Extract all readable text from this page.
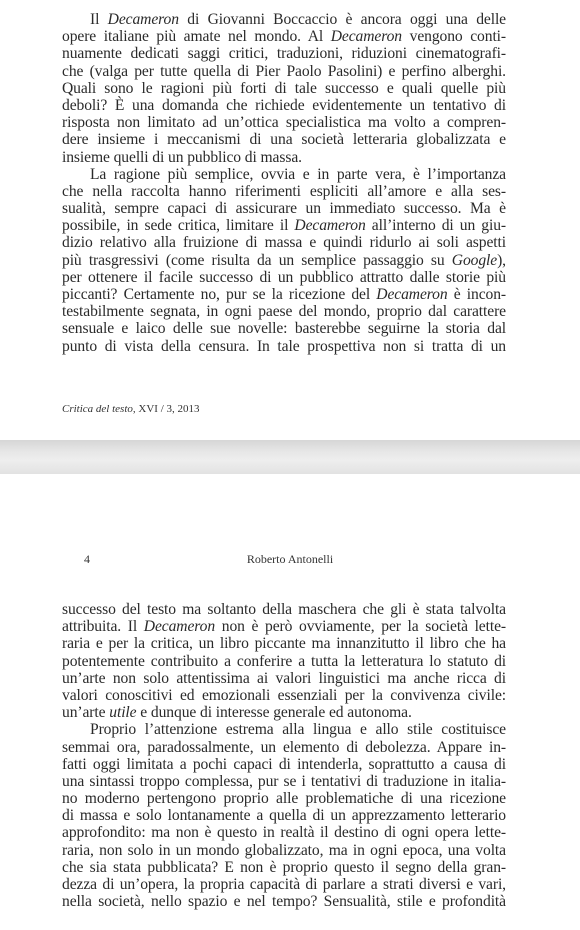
Il Decameron di Giovanni Boccaccio è ancora oggi una delle
opere italiane più amate nel mondo. Al Decameron vengono conti-
nuamente dedicati saggi critici, traduzioni, riduzioni cinematografi-
che (valga per tutte quella di Pier Paolo Pasolini) e perfino alberghi.
Quali sono le ragioni più forti di tale successo e quali quelle più
deboli? È una domanda che richiede evidentemente un tentativo di
risposta non limitato ad un’ottica specialistica ma volto a compren-
dere insieme i meccanismi di una società letteraria globalizzata e
insieme quelli di un pubblico di massa.
La ragione più semplice, ovvia e in parte vera, è l’importanza
che nella raccolta hanno riferimenti espliciti all’amore e alla ses-
sualità, sempre capaci di assicurare un immediato successo. Ma è
possibile, in sede critica, limitare il Decameron all’interno di un giu-
dizio relativo alla fruizione di massa e quindi ridurlo ai soli aspetti
più trasgressivi (come risulta da un semplice passaggio su Google),
per ottenere il facile successo di un pubblico attratto dalle storie più
piccanti? Certamente no, pur se la ricezione del Decameron è incon-
testabilmente segnata, in ogni paese del mondo, proprio dal carattere
sensuale e laico delle sue novelle: basterebbe seguirne la storia dal
punto di vista della censura. In tale prospettiva non si tratta di un
Critica del testo, XVI / 3, 2013
4	Roberto Antonelli
successo del testo ma soltanto della maschera che gli è stata talvolta
attribuita. Il Decameron non è però ovviamente, per la società lette-
raria e per la critica, un libro piccante ma innanzitutto il libro che ha
potentemente contribuito a conferire a tutta la letteratura lo statuto di
un’arte non solo attentissima ai valori linguistici ma anche ricca di
valori conoscitivi ed emozionali essenziali per la convivenza civile:
un’arte utile e dunque di interesse generale ed autonoma.
Proprio l’attenzione estrema alla lingua e allo stile costituisce
semmai ora, paradossalmente, un elemento di debolezza. Appare in-
fatti oggi limitata a pochi capaci di intenderla, soprattutto a causa di
una sintassi troppo complessa, pur se i tentativi di traduzione in italia-
no moderno pertengono proprio alle problematiche di una ricezione
di massa e solo lontanamente a quella di un apprezzamento letterario
approfondito: ma non è questo in realtà il destino di ogni opera lette-
raria, non solo in un mondo globalizzato, ma in ogni epoca, una volta
che sia stata pubblicata? E non è proprio questo il segno della gran-
dezza di un’opera, la propria capacità di parlare a strati diversi e vari,
nella società, nello spazio e nel tempo? Sensualità, stile e profondità
